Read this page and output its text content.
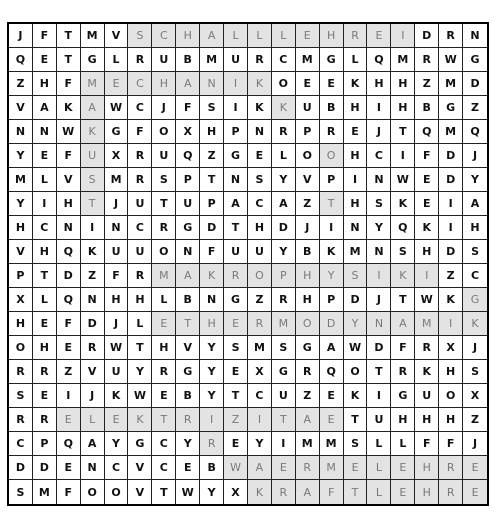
J	F	T	M	V	S	C	H	A	L	L	L	E	H	R	E	I	D	R	N
Q	E	T	G	L	R	U	B	M	U	R	C	M	G	L	Q	M	R	W	G
Z	H	F	M	E	C	H	A	N	I	K	O	E	E	K	H	H	Z	M	D
V	A	K	A	W	C	J	F	S	I	K	K	U	B	H	I	H	B	G	Z
N	N	W	K	G	F	O	X	H	P	N	R	P	R	E	J	T	Q	M	Q
Y	E	F	U	X	R	U	Q	Z	G	E	L	O	O	H	C	I	F	D	J
M	L	V	S	M	R	S	P	T	N	S	Y	V	P	I	N	W	E	D	Y
Y	I	H	T	J	U	T	U	P	A	C	A	Z	T	H	S	K	E	I	A
H	C	N	I	N	C	R	G	D	T	H	D	J	I	N	Y	Q	K	I	H
V	H	Q	K	U	U	O	N	F	U	U	Y	B	K	M	N	S	H	D	S
P	T	D	Z	F	R	M	A	K	R	O	P	H	Y	S	I	K	I	Z	C
X	L	Q	N	H	H	L	B	N	G	Z	R	H	P	D	J	T	W	K	G
H	E	F	D	J	L	E	T	H	E	R	M	O	D	Y	N	A	M	I	K
O	H	E	R	W	T	H	V	Y	S	M	S	G	A	W	D	F	R	X	J
R	R	Z	V	U	Y	R	G	Y	E	X	G	R	Q	O	T	R	K	H	S
S	E	I	J	K	W	E	B	Y	T	C	U	Z	E	K	I	G	U	O	X
R	R	E	L	E	K	T	R	I	Z	I	T	A	E	T	U	H	H	H	Z
C	P	Q	A	Y	G	C	Y	R	E	Y	I	M	M	S	L	L	F	F	J
D	D	E	N	C	V	C	E	B	W	A	E	R	M	E	L	E	H	R	E
S	M	F	O	O	V	T	W	Y	X	K	R	A	F	T	L	E	H	R	E
